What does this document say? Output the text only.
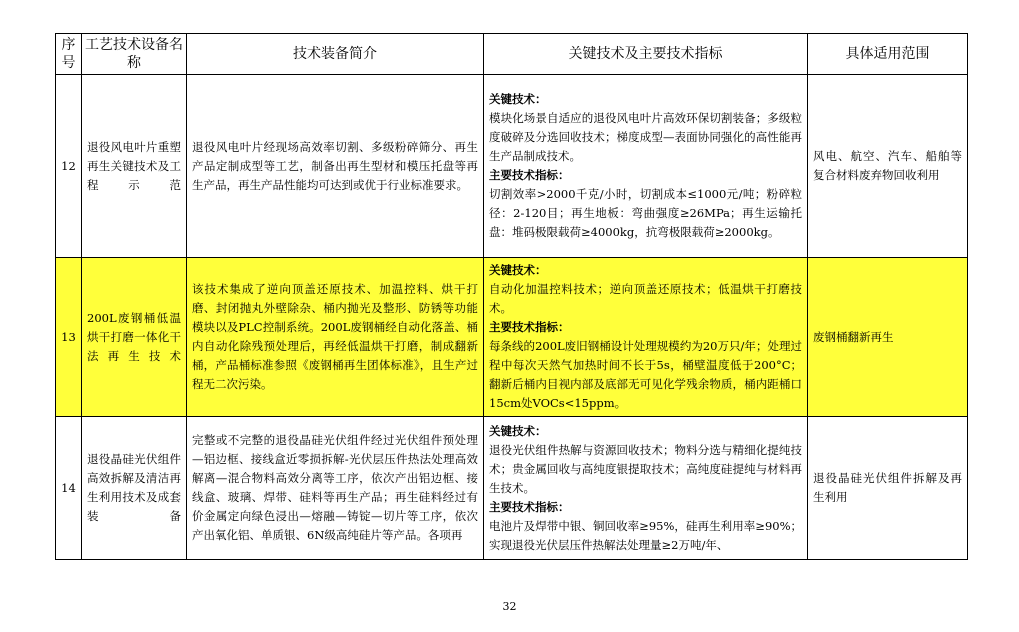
序号	工艺技术设备名称	技术装备简介	关键技术及主要技术指标	具体适用范围
12	退役风电叶片重塑再生关键技术及工程示范	退役风电叶片经现场高效率切割、多级粉碎筛分、再生产品定制成型等工艺，制备出再生型材和模压托盘等再生产品，再生产品性能均可达到或优于行业标准要求。	关键技术：
模块化场景自适应的退役风电叶片高效环保切割装备；多级粒度破碎及分选回收技术；梯度成型—表面协同强化的高性能再生产品制成技术。
主要技术指标：
切割效率>2000千克/小时，切割成本≤1000元/吨；粉碎粒径：2-120目；再生地板：弯曲强度≥26MPa；再生运输托盘：堆码极限载荷≥4000kg，抗弯极限载荷≥2000kg。	风电、航空、汽车、船舶等复合材料废弃物回收利用
13	200L废钢桶低温烘干打磨一体化干法再生技术	该技术集成了逆向顶盖还原技术、加温控料、烘干打磨、封闭抛丸外壁除杂、桶内抛光及整形、防锈等功能模块以及PLC控制系统。200L废钢桶经自动化落盖、桶内自动化除残预处理后，再经低温烘干打磨，制成翻新桶，产品桶标准参照《废钢桶再生团体标准》，且生产过程无二次污染。	关键技术：
自动化加温控料技术；逆向顶盖还原技术；低温烘干打磨技术。
主要技术指标：
每条线的200L废旧钢桶设计处理规模约为20万只/年；处理过程中每次天然气加热时间不长于5s，桶壁温度低于200°C；翻新后桶内目视内部及底部无可见化学残余物质，桶内距桶口15cm处VOCs<15ppm。	废钢桶翻新再生
14	退役晶硅光伏组件高效拆解及清洁再生利用技术及成套装备	完整或不完整的退役晶硅光伏组件经过光伏组件预处理—铝边框、接线盒近零损拆解-光伏层压件热法处理高效解离—混合物料高效分离等工序，依次产出铝边框、接线盒、玻璃、焊带、硅料等再生产品；再生硅料经过有价金属定向绿色浸出—熔融—铸锭—切片等工序，依次产出氧化铝、单质银、6N级高纯硅片等产品。各项再	关键技术：
退役光伏组件热解与资源回收技术；物料分选与精细化提纯技术；贵金属回收与高纯度银提取技术；高纯度硅提纯与材料再生技术。
主要技术指标：
电池片及焊带中银、铜回收率≥95%，硅再生利用率≥90%；实现退役光伏层压件热解法处理量≥2万吨/年、	退役晶硅光伏组件拆解及再生利用
32
